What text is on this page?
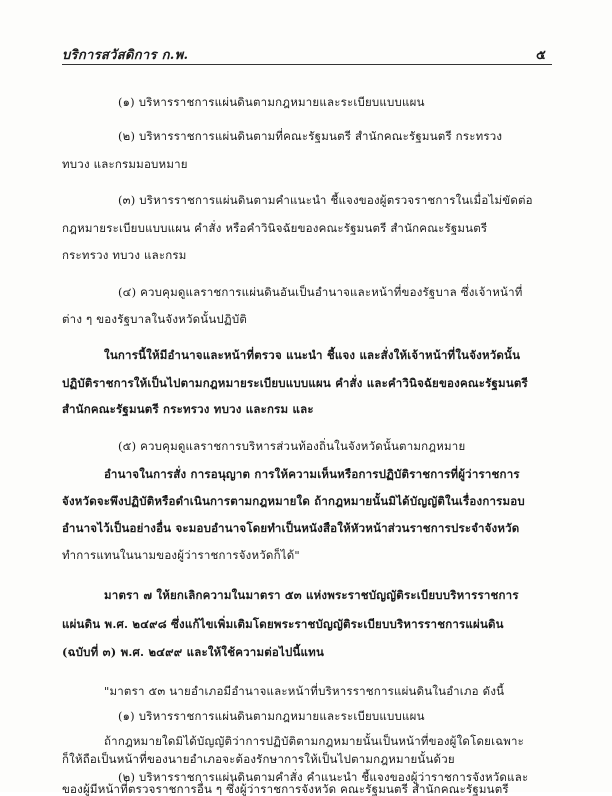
บริการสวัสดิการ ก.พ.	๕
(๑) บริหารราชการแผ่นดินตามกฎหมายและระเบียบแบบแผน
(๒) บริหารราชการแผ่นดินตามที่คณะรัฐมนตรี สำนักคณะรัฐมนตรี กระทรวง
ทบวง และกรมมอบหมาย
(๓) บริหารราชการแผ่นดินตามคำแนะนำ ชี้แจงของผู้ตรวจราชการในเมื่อไม่ขัดต่อ
กฎหมายระเบียบแบบแผน คำสั่ง หรือคำวินิจฉัยของคณะรัฐมนตรี สำนักคณะรัฐมนตรี
กระทรวง ทบวง และกรม
(๔) ควบคุมดูแลราชการแผ่นดินอันเป็นอำนาจและหน้าที่ของรัฐบาล ซึ่งเจ้าหน้าที่
ต่าง ๆ ของรัฐบาลในจังหวัดนั้นปฏิบัติ
ในการนี้ให้มีอำนาจและหน้าที่ตรวจ แนะนำ ชี้แจง และสั่งให้เจ้าหน้าที่ในจังหวัดนั้น
ปฏิบัติราชการให้เป็นไปตามกฎหมายระเบียบแบบแผน คำสั่ง และคำวินิจฉัยของคณะรัฐมนตรี
สำนักคณะรัฐมนตรี กระทรวง ทบวง และกรม และ
(๕) ควบคุมดูแลราชการบริหารส่วนท้องถิ่นในจังหวัดนั้นตามกฎหมาย
อำนาจในการสั่ง การอนุญาต การให้ความเห็นหรือการปฏิบัติราชการที่ผู้ว่าราชการ
จังหวัดจะพึงปฏิบัติหรือดำเนินการตามกฎหมายใด ถ้ากฎหมายนั้นมิได้บัญญัติในเรื่องการมอบ
อำนาจไว้เป็นอย่างอื่น จะมอบอำนาจโดยทำเป็นหนังสือให้หัวหน้าส่วนราชการประจำจังหวัด
ทำการแทนในนามของผู้ว่าราชการจังหวัดก็ได้"
มาตรา ๗ ให้ยกเลิกความในมาตรา ๕๓ แห่งพระราชบัญญัติระเบียบบริหารราชการ
แผ่นดิน พ.ศ. ๒๔๙๘ ซึ่งแก้ไขเพิ่มเติมโดยพระราชบัญญัติระเบียบบริหารราชการแผ่นดิน
(ฉบับที่ ๓) พ.ศ. ๒๔๙๙ และให้ใช้ความต่อไปนี้แทน
"มาตรา ๕๓ นายอำเภอมีอำนาจและหน้าที่บริหารราชการแผ่นดินในอำเภอ ดังนี้
(๑) บริหารราชการแผ่นดินตามกฎหมายและระเบียบแบบแผน
ถ้ากฎหมายใดมิได้บัญญัติว่าการปฏิบัติตามกฎหมายนั้นเป็นหน้าที่ของผู้ใดโดยเฉพาะ
ก็ให้ถือเป็นหน้าที่ของนายอำเภอจะต้องรักษาการให้เป็นไปตามกฎหมายนั้นด้วย
(๒) บริหารราชการแผ่นดินตามคำสั่ง คำแนะนำ ชี้แจงของผู้ว่าราชการจังหวัดและ
ของผู้มีหน้าที่ตรวจราชการอื่น ๆ ซึ่งผู้ว่าราชการจังหวัด คณะรัฐมนตรี สำนักคณะรัฐมนตรี
